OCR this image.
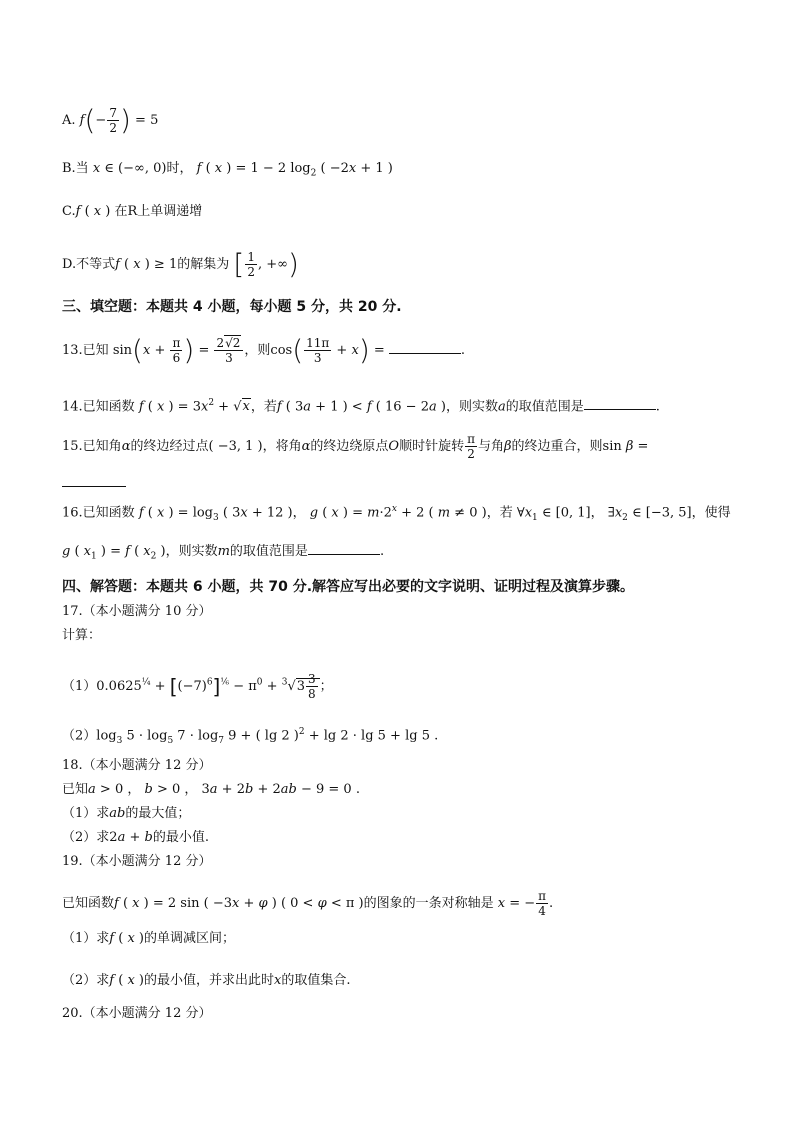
A. $f(- \frac{7}{2}$ ) = 5
B.当 x ∈ (−∞, 0)时， f ( x ) = 1 − 2 $\log_2$ ( −2x + 1 )
C.f ( x ) 在R上单调递增
D.不等式f ( x ) ≥ 1的解集为 [ $\frac{1}{2}$ , +∞)
三、填空题：本题共 4 小题，每小题 5 分，共 20 分.
13.已知 $\sin(x + \frac{\pi}{6}$ ) = $\frac{2√2}{3}$ ，则$\cos( \frac{11\pi}{3} + x)$ =	.
14.已知函数 f ( x ) = $3x^2 + √x$，若f ( 3a + 1 ) < f ( 16 − 2a )，则实数a的取值范围是	.
15.已知角α的终边经过点( −3, 1 )，将角α的终边绕原点O顺时针旋转 $\frac{\pi}{2}$ 与角β的终边重合，则sin β =
16.已知函数 f ( x ) = $\log_3$ ( 3x + 12 )， g ( x ) = $m\cdot 2^x + 2$ ( m ≠ 0 )，若 $\forall x_1$ ∈ [0, 1]， $\exists x_2$ ∈ [−3, 5]，使得
g ( $x_1$ ) = f ( $x_2$ )，则实数m的取值范围是	.
四、解答题：本题共 6 小题，共 70 分.解答应写出必要的文字说明、证明过程及演算步骤。
17.（本小题满分 10 分）
计算：
$(1)0.0625^{\frac{1}{4}} + [(-7)^6]^{\frac{1}{6}} - \pi^0 + ^3√3 \frac{3}{8}$ ；
$(2)\log_3$ $5 \cdot \log_5 7 \cdot \log_7 9$ + ( lg 2 )$^2$ + lg 2 · lg 5 + lg 5 .
18.（本小题满分 12 分）
已知a > 0 ， b > 0 ， 3a + 2b + 2ab − 9 = 0 .
（1）求ab的最大值；
（2）求2a + b的最小值.
19.（本小题满分 12 分）
已知函数f ( x ) = 2 sin ( −3x + φ ) ( 0 < φ < π )的图象的一条对称轴是 x = − $\frac{\pi}{4}$ .
（1）求f ( x )的单调减区间；
（2）求f ( x )的最小值，并求出此时x的取值集合.
20.（本小题满分 12 分）
